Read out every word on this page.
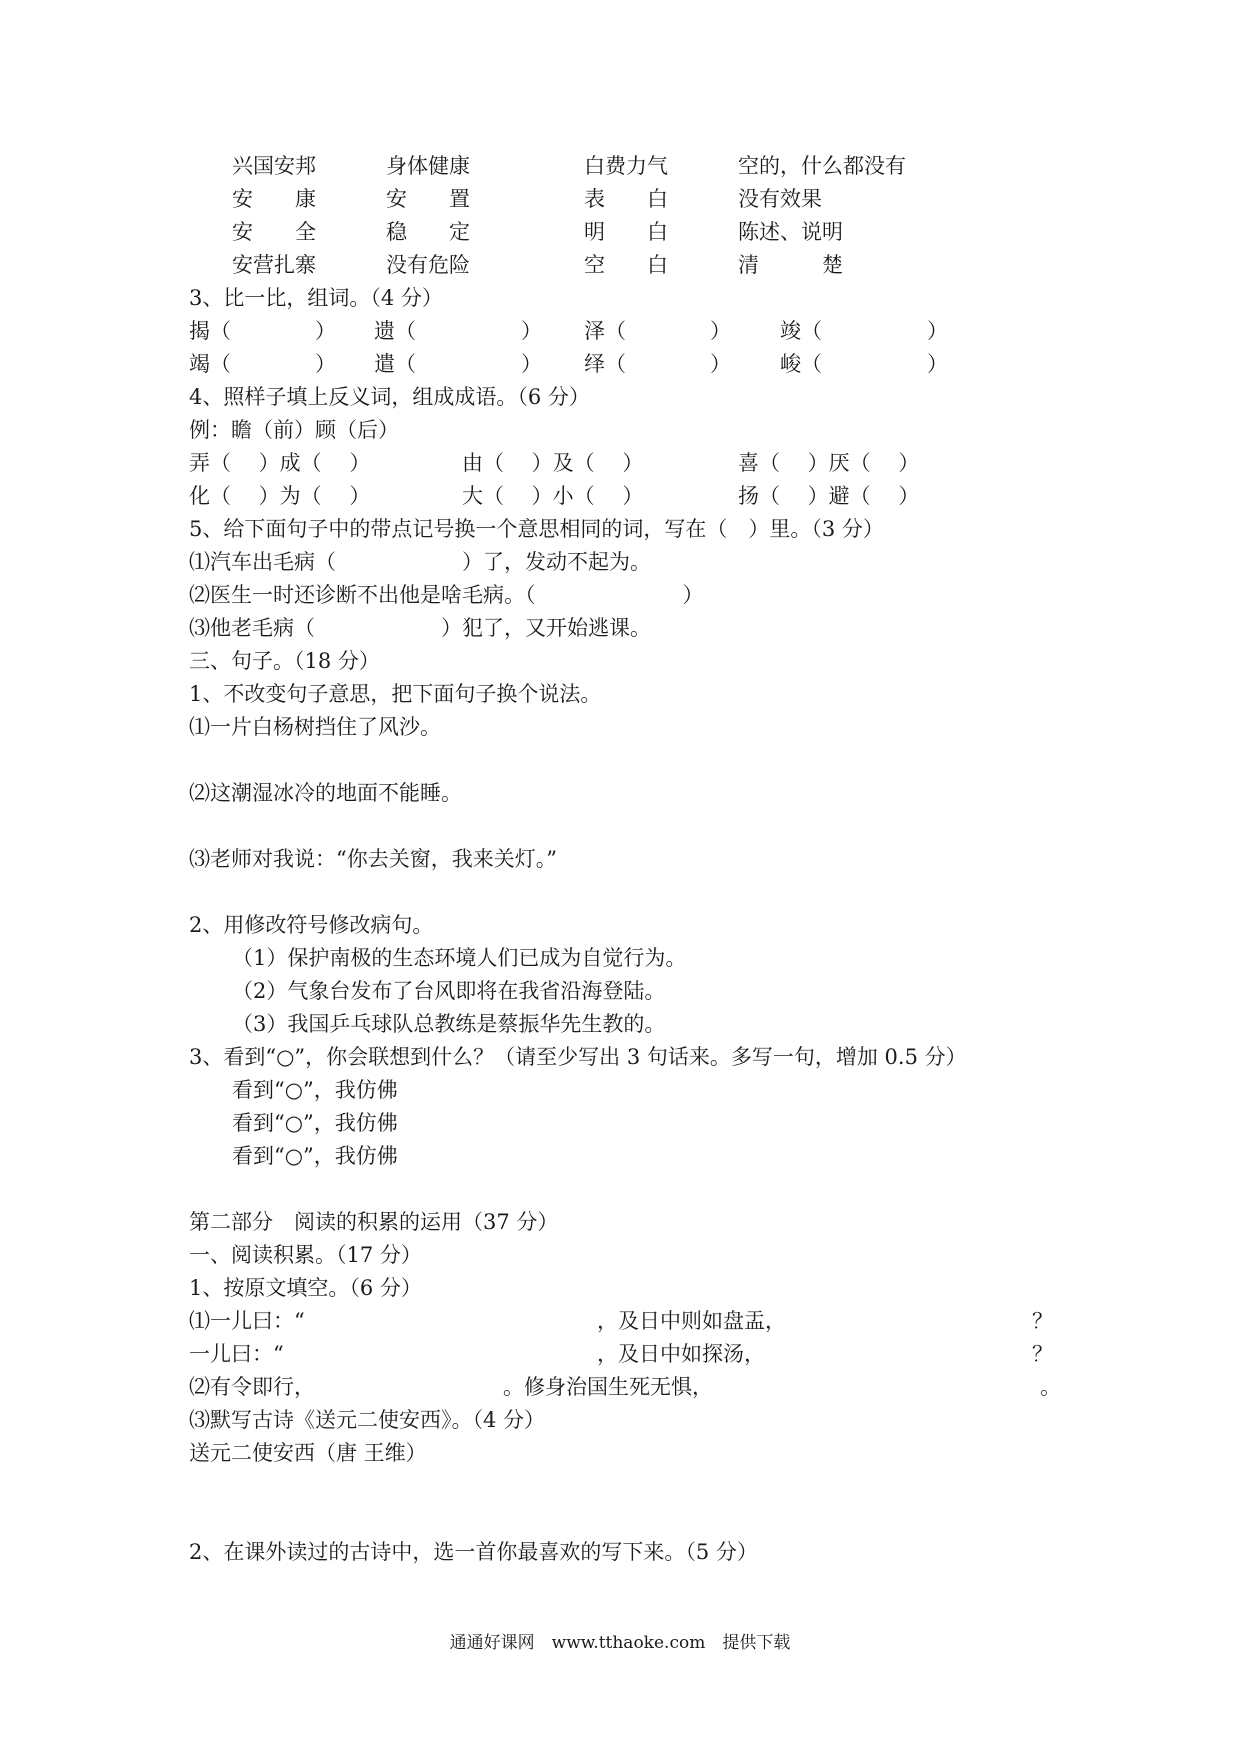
兴国安邦	身体健康	白费力气	空的，什么都没有
安　　康	安　　置	表　　白	没有效果
安　　全	稳　　定	明　　白	陈述、说明
安营扎寨	没有危险	空　　白	清　　　楚
3、比一比，组词。（4 分）
揭（　　　　） 遗（　　　　　） 泽（　　　　） 竣（　　　　　）
竭（　　　　） 遣（　　　　　） 绎（　　　　） 峻（　　　　　）
4、照样子填上反义词，组成成语。（6 分）
例：瞻（前）顾（后）
弄（　 ）成（　 ）	由（　 ）及（　 ）	喜（　 ）厌（　 ）
化（　 ）为（　 ）	大（　 ）小（　 ）	扬（　 ）避（　 ）
5、给下面句子中的带点记号换一个意思相同的词，写在（　）里。（3 分）
⑴汽车出毛病（　　　　　　）了，发动不起为。
⑵医生一时还诊断不出他是啥毛病。（　　　　　　　）
⑶他老毛病（　　　　　　）犯了，又开始逃课。
三、句子。（18 分）
1、不改变句子意思，把下面句子换个说法。
⑴一片白杨树挡住了风沙。
⑵这潮湿冰冷的地面不能睡。
⑶老师对我说：“你去关窗，我来关灯。”
2、用修改符号修改病句。
（1）保护南极的生态环境人们已成为自觉行为。
（2）气象台发布了台风即将在我省沿海登陆。
（3）我国乒乓球队总教练是蔡振华先生教的。
3、看到“○”，你会联想到什么？（请至少写出 3 句话来。多写一句，增加 0.5 分）
看到“○”，我仿佛
看到“○”，我仿佛
看到“○”，我仿佛
第二部分　阅读的积累的运用（37 分）
一、阅读积累。（17 分）
1、按原文填空。（6 分）
⑴一儿曰：“	，及日中则如盘盂，	？
一儿曰：“	，及日中如探汤，	？
⑵有令即行，	。修身治国生死无惧，	。
⑶默写古诗《送元二使安西》。（4 分）
送元二使安西（唐 王维）
2、在课外读过的古诗中，选一首你最喜欢的写下来。（5 分）
通通好课网　www.tthaoke.com　提供下载
